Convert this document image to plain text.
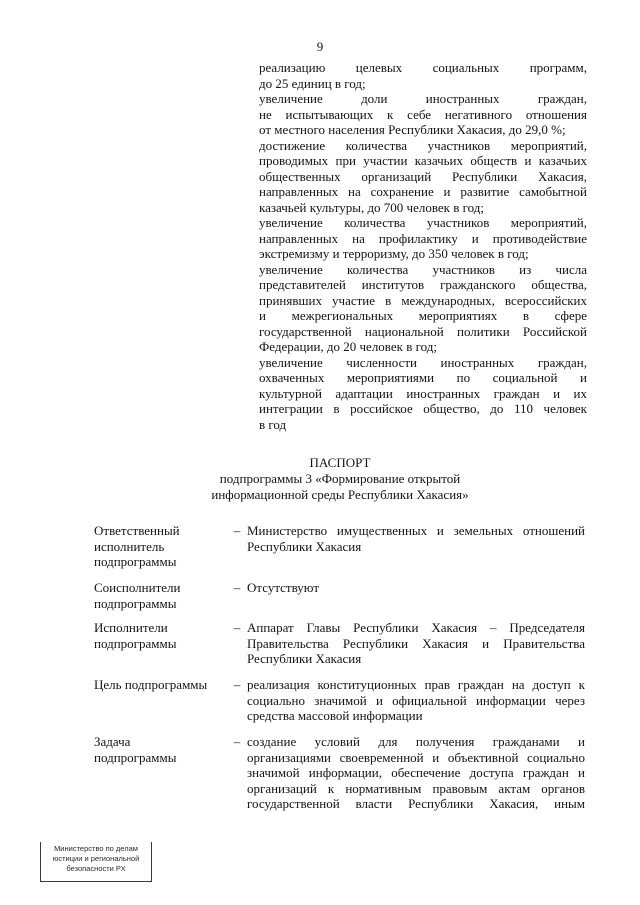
9
реализацию целевых социальных программ,
до 25 единиц в год;
увеличение доли иностранных граждан,
не испытывающих к себе негативного отношения
от местного населения Республики Хакасия, до 29,0 %;
достижение количества участников мероприятий,
проводимых при участии казачьих обществ и казачьих
общественных организаций Республики Хакасия,
направленных на сохранение и развитие самобытной
казачьей культуры, до 700 человек в год;
увеличение количества участников мероприятий,
направленных на профилактику и противодействие
экстремизму и терроризму, до 350 человек в год;
увеличение количества участников из числа
представителей институтов гражданского общества,
принявших участие в международных, всероссийских
и межрегиональных мероприятиях в сфере
государственной национальной политики Российской
Федерации, до 20 человек в год;
увеличение численности иностранных граждан,
охваченных мероприятиями по социальной и
культурной адаптации иностранных граждан и их
интеграции в российское общество, до 110 человек
в год
ПАСПОРТ
подпрограммы 3 «Формирование открытой
информационной среды Республики Хакасия»
Ответственный
исполнитель
подпрограммы
– Министерство имущественных и земельных отношений
Республики Хакасия
Соисполнители
подпрограммы
– Отсутствуют
Исполнители
подпрограммы
– Аппарат Главы Республики Хакасия – Председателя
Правительства Республики Хакасия и Правительства
Республики Хакасия
Цель подпрограммы	– реализация конституционных прав граждан на доступ к
социально значимой и официальной информации через
средства массовой информации
Задача
подпрограммы
– создание условий для получения гражданами и
организациями своевременной и объективной социально
значимой информации, обеспечение доступа граждан и
организаций к нормативным правовым актам органов
государственной власти Республики Хакасия, иным
Министерство по делам
юстиции и региональной
безопасности РХ
